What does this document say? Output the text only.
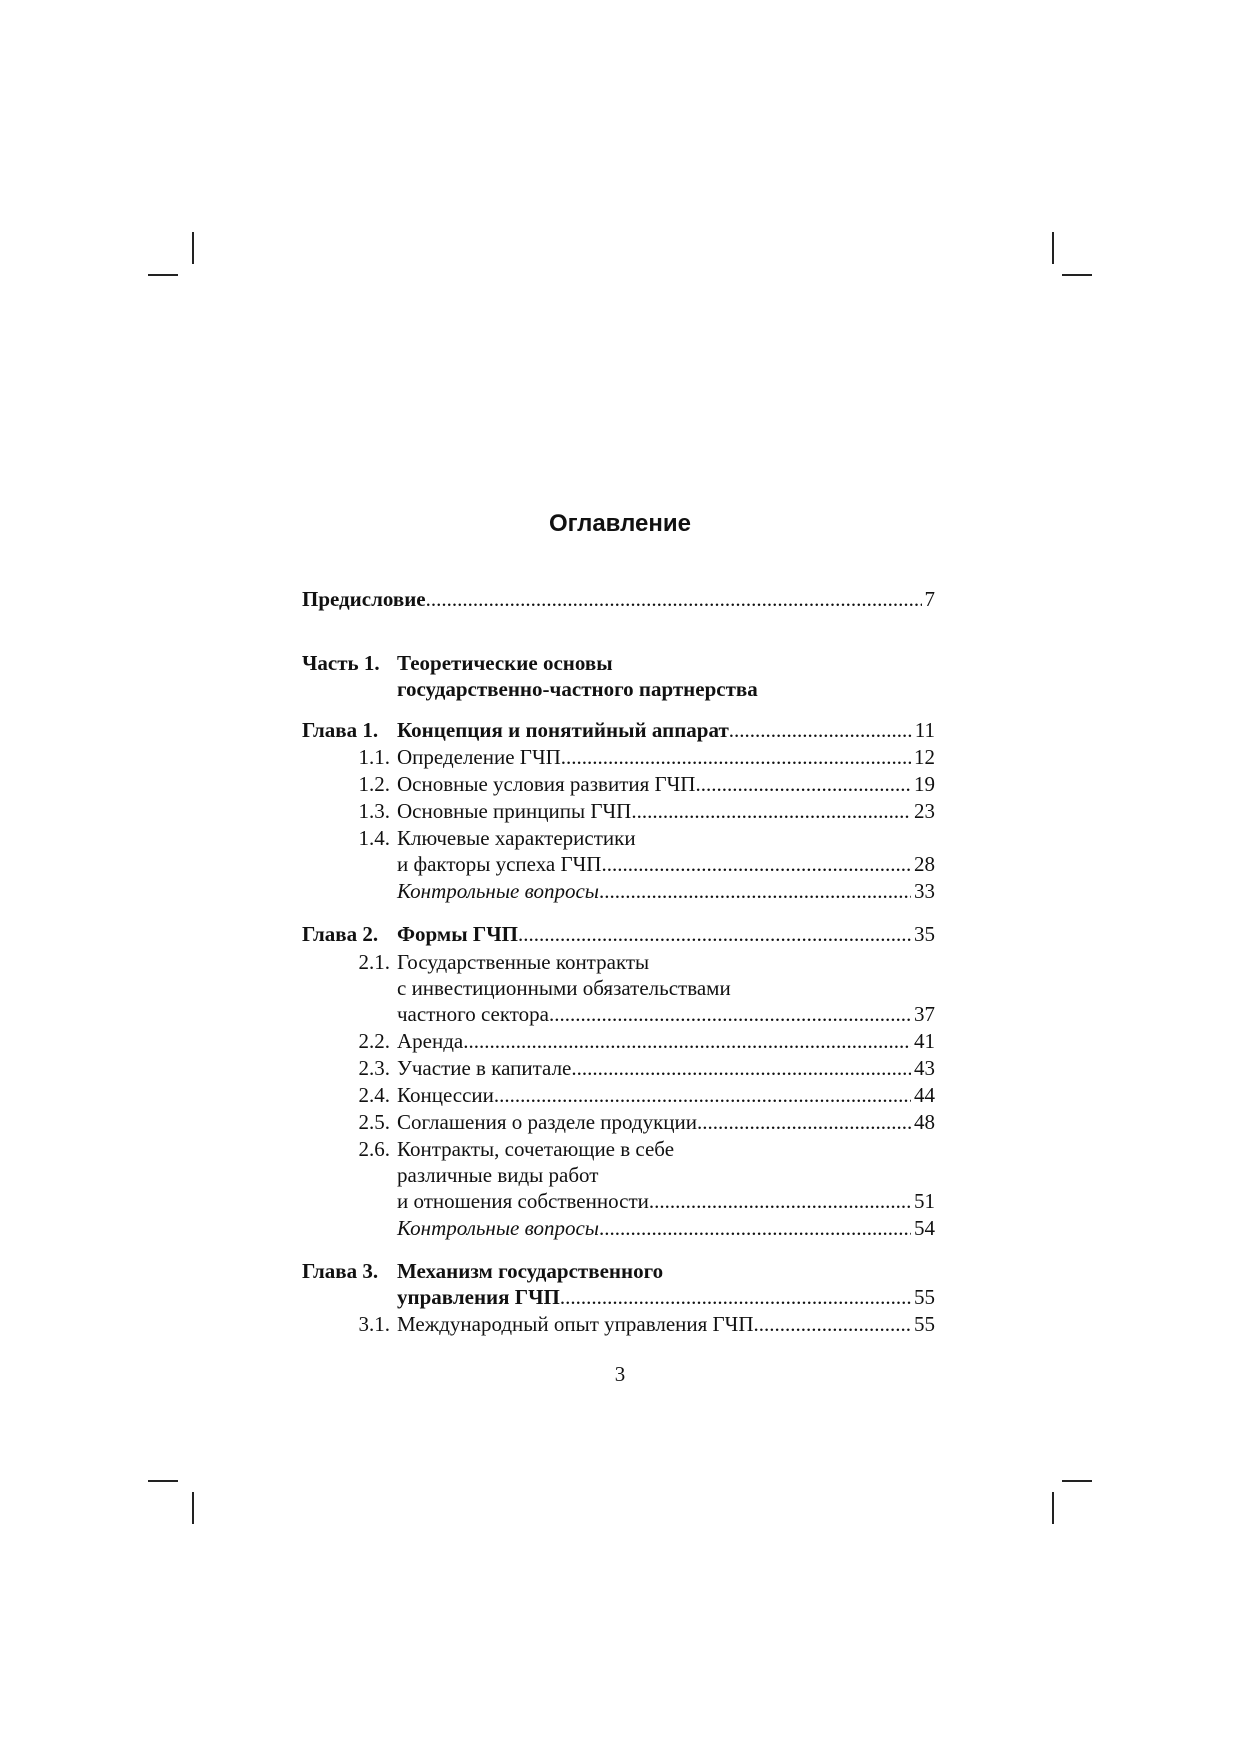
Оглавление
Предисловие .....	7
Часть 1. Теоретические основы
государственно-частного партнерства
Глава 1. Концепция и понятийный аппарат .....	11
1.1. Определение ГЧП .....	12
1.2. Основные условия развития ГЧП .....	19
1.3. Основные принципы ГЧП .....	23
1.4. Ключевые характеристики
и факторы успеха ГЧП .....	28
Контрольные вопросы .....	33
Глава 2. Формы ГЧП .....	35
2.1. Государственные контракты
с инвестиционными обязательствами
частного сектора .....	37
2.2. Аренда .....	41
2.3. Участие в капитале .....	43
2.4. Концессии .....	44
2.5. Соглашения о разделе продукции .....	48
2.6. Контракты, сочетающие в себе
различные виды работ
и отношения собственности .....	51
Контрольные вопросы .....	54
Глава 3. Механизм государственного
управления ГЧП .....	55
3.1. Международный опыт управления ГЧП .....	55
3
